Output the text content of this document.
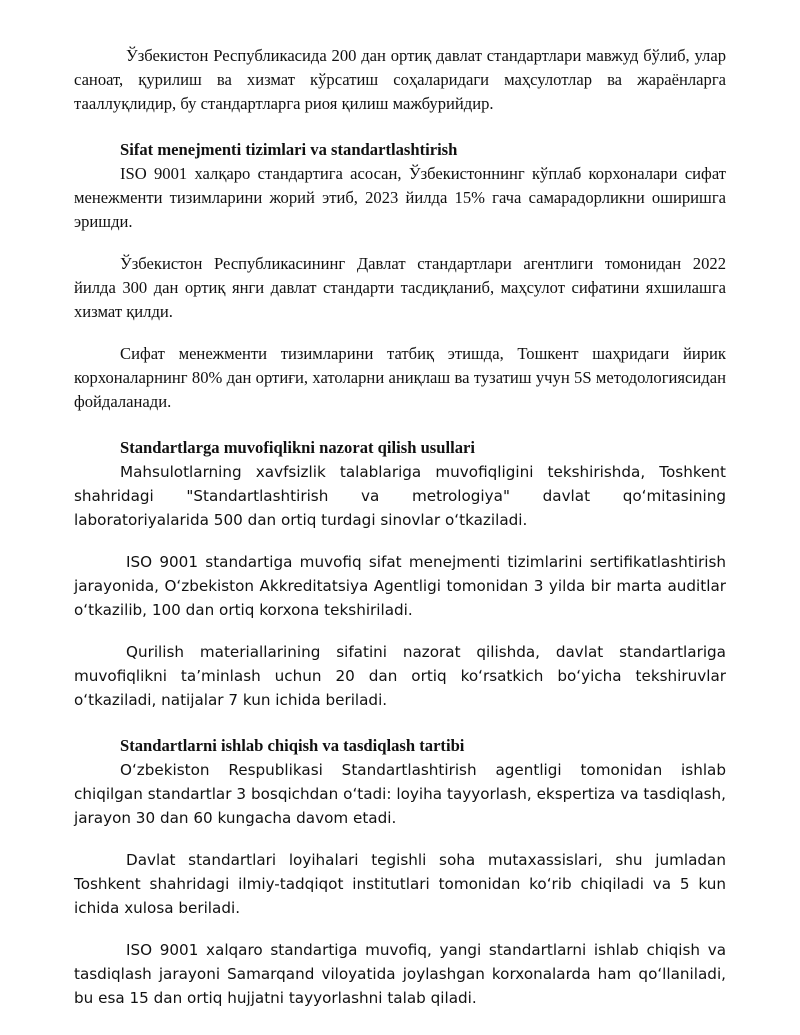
Ўзбекистон Республикасида 200 дан ортиқ давлат стандартлари мавжуд бўлиб, улар саноат, қурилиш ва хизмат кўрсатиш соҳаларидаги маҳсулотлар ва жараёнларга тааллуқлидир, бу стандартларга риоя қилиш мажбурийдир.

Sifat menejmenti tizimlari va standartlashtirish

ISO 9001 халқаро стандартига асосан, Ўзбекистоннинг кўплаб корхоналари сифат менежменти тизимларини жорий этиб, 2023 йилда 15% гача самарадорликни оширишга эришди.

Ўзбекистон Республикасининг Давлат стандартлари агентлиги томонидан 2022 йилда 300 дан ортиқ янги давлат стандарти тасдиқланиб, маҳсулот сифатини яхшилашга хизмат қилди.

Сифат менежменти тизимларини татбиқ этишда, Тошкент шаҳридаги йирик корхоналарнинг 80% дан ортиғи, хатоларни аниқлаш ва тузатиш учун 5S методологиясидан фойдаланади.

Standartlarga muvofiqlikni nazorat qilish usullari

Mahsulotlarning xavfsizlik talablariga muvofiqligini tekshirishda, Toshkent shahridagi "Standartlashtirish va metrologiya" davlat qoʻmitasining laboratoriyalarida 500 dan ortiq turdagi sinovlar oʻtkaziladi.

ISO 9001 standartiga muvofiq sifat menejmenti tizimlarini sertifikatlashtirish jarayonida, Oʻzbekiston Akkreditatsiya Agentligi tomonidan 3 yilda bir marta auditlar oʻtkazilib, 100 dan ortiq korxona tekshiriladi.

Qurilish materiallarining sifatini nazorat qilishda, davlat standartlariga muvofiqlikni taʼminlash uchun 20 dan ortiq koʻrsatkich boʻyicha tekshiruvlar oʻtkaziladi, natijalar 7 kun ichida beriladi.

Standartlarni ishlab chiqish va tasdiqlash tartibi

Oʻzbekiston Respublikasi Standartlashtirish agentligi tomonidan ishlab chiqilgan standartlar 3 bosqichdan oʻtadi: loyiha tayyorlash, ekspertiza va tasdiqlash, jarayon 30 dan 60 kungacha davom etadi.

Davlat standartlari loyihalari tegishli soha mutaxassislari, shu jumladan Toshkent shahridagi ilmiy-tadqiqot institutlari tomonidan koʻrib chiqiladi va 5 kun ichida xulosa beriladi.

ISO 9001 xalqaro standartiga muvofiq, yangi standartlarni ishlab chiqish va tasdiqlash jarayoni Samarqand viloyatida joylashgan korxonalarda ham qoʻllaniladi, bu esa 15 dan ortiq hujjatni tayyorlashni talab qiladi.
